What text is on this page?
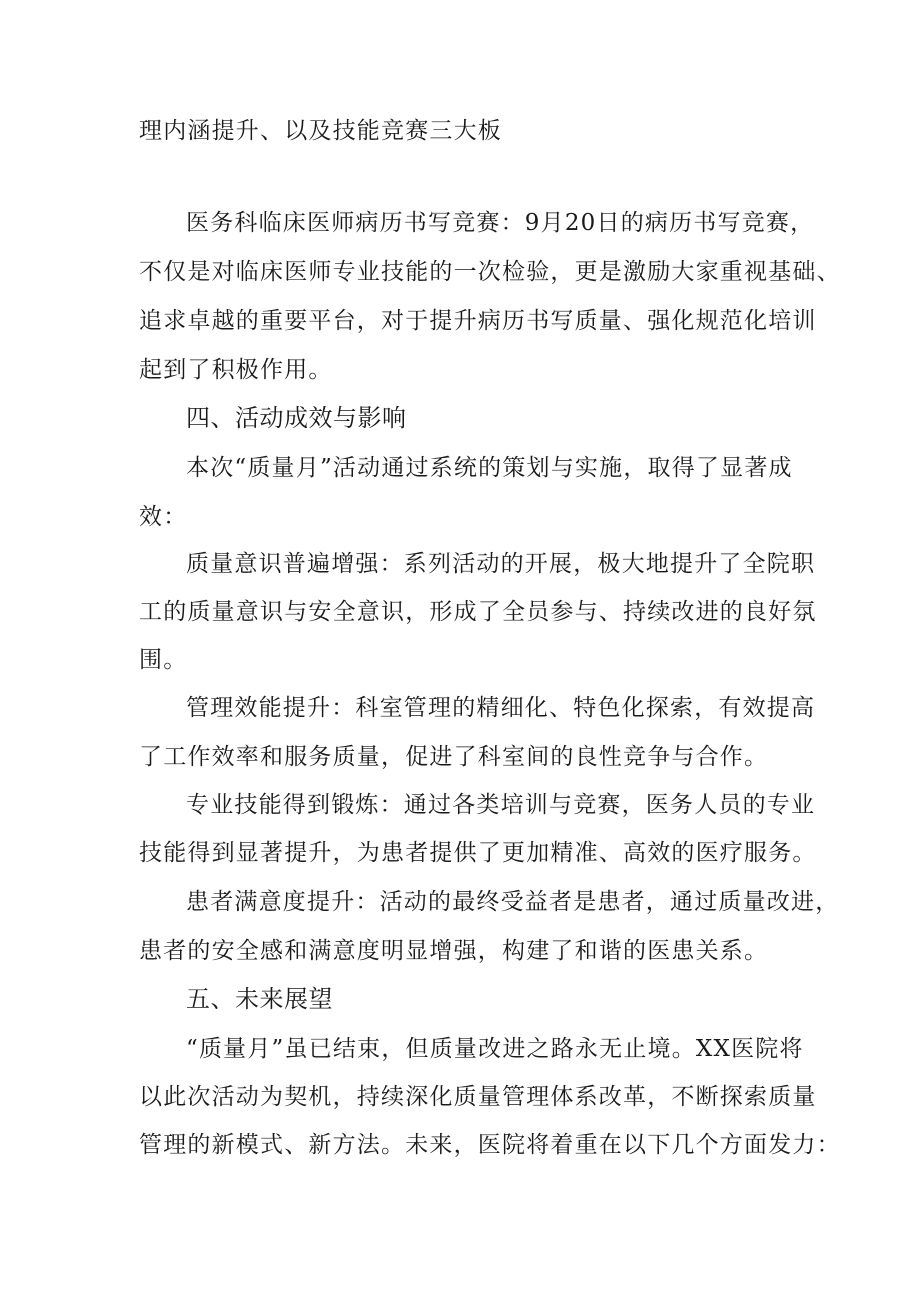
理内涵提升、以及技能竞赛三大板
医务科临床医师病历书写竞赛：9月20日的病历书写竞赛，
不仅是对临床医师专业技能的一次检验，更是激励大家重视基础、
追求卓越的重要平台，对于提升病历书写质量、强化规范化培训
起到了积极作用。
四、活动成效与影响
本次“质量月”活动通过系统的策划与实施，取得了显著成
效：
质量意识普遍增强：系列活动的开展，极大地提升了全院职
工的质量意识与安全意识，形成了全员参与、持续改进的良好氛
围。
管理效能提升：科室管理的精细化、特色化探索，有效提高
了工作效率和服务质量，促进了科室间的良性竞争与合作。
专业技能得到锻炼：通过各类培训与竞赛，医务人员的专业
技能得到显著提升，为患者提供了更加精准、高效的医疗服务。
患者满意度提升：活动的最终受益者是患者，通过质量改进，
患者的安全感和满意度明显增强，构建了和谐的医患关系。
五、未来展望
“质量月”虽已结束，但质量改进之路永无止境。XX医院将
以此次活动为契机，持续深化质量管理体系改革，不断探索质量
管理的新模式、新方法。未来，医院将着重在以下几个方面发力：
